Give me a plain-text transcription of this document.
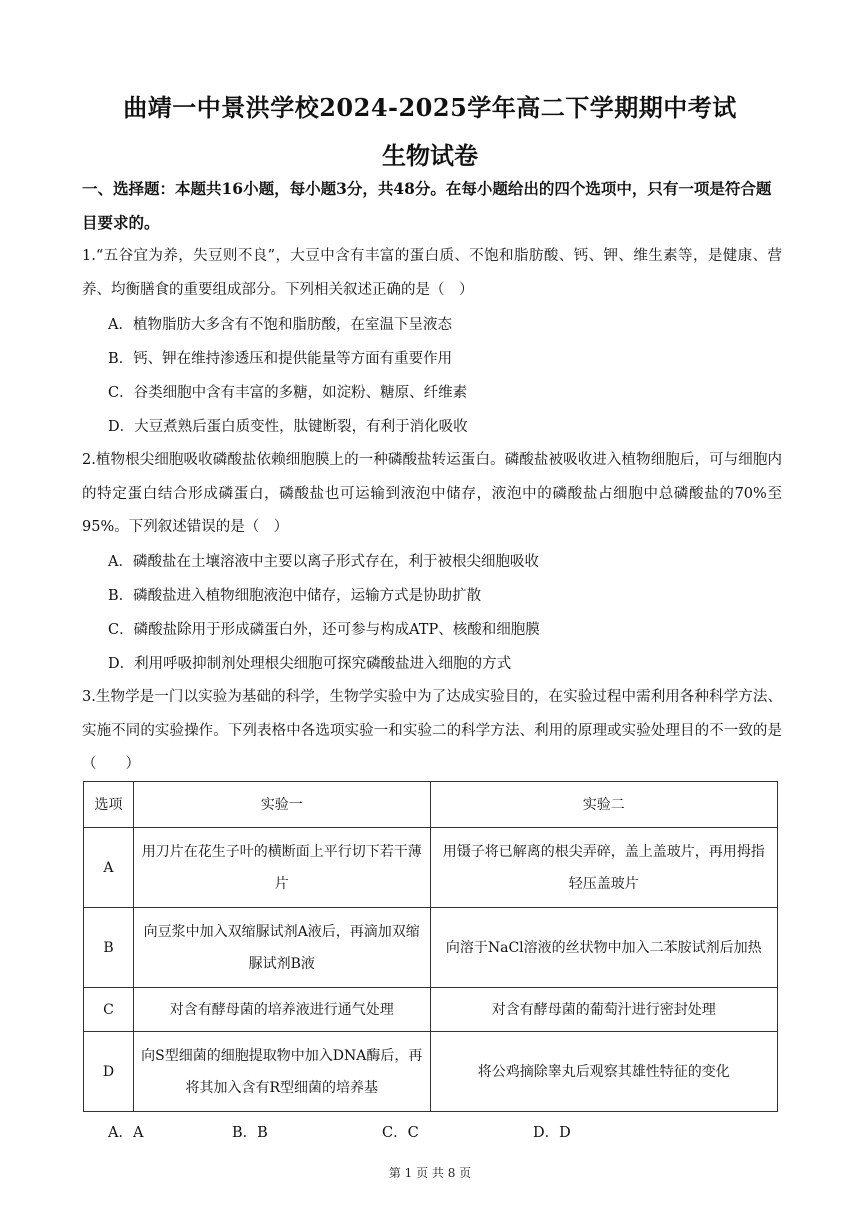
曲靖一中景洪学校2024-2025学年高二下学期期中考试
生物试卷
一、选择题：本题共16小题，每小题3分，共48分。在每小题给出的四个选项中，只有一项是符合题目要求的。
1.“五谷宜为养，失豆则不良”，大豆中含有丰富的蛋白质、不饱和脂肪酸、钙、钾、维生素等，是健康、营养、均衡膳食的重要组成部分。下列相关叙述正确的是（　）
A．植物脂肪大多含有不饱和脂肪酸，在室温下呈液态
B．钙、钾在维持渗透压和提供能量等方面有重要作用
C．谷类细胞中含有丰富的多糖，如淀粉、糖原、纤维素
D．大豆煮熟后蛋白质变性，肽键断裂，有利于消化吸收
2.植物根尖细胞吸收磷酸盐依赖细胞膜上的一种磷酸盐转运蛋白。磷酸盐被吸收进入植物细胞后，可与细胞内的特定蛋白结合形成磷蛋白，磷酸盐也可运输到液泡中储存，液泡中的磷酸盐占细胞中总磷酸盐的70%至95%。下列叙述错误的是（　）
A．磷酸盐在土壤溶液中主要以离子形式存在，利于被根尖细胞吸收
B．磷酸盐进入植物细胞液泡中储存，运输方式是协助扩散
C．磷酸盐除用于形成磷蛋白外，还可参与构成ATP、核酸和细胞膜
D．利用呼吸抑制剂处理根尖细胞可探究磷酸盐进入细胞的方式
3.生物学是一门以实验为基础的科学，生物学实验中为了达成实验目的，在实验过程中需利用各种科学方法、实施不同的实验操作。下列表格中各选项实验一和实验二的科学方法、利用的原理或实验处理目的不一致的是（　　）
选项	实验一	实验二
A	用刀片在花生子叶的横断面上平行切下若干薄片	用镊子将已解离的根尖弄碎，盖上盖玻片，再用拇指轻压盖玻片
B	向豆浆中加入双缩脲试剂A液后，再滴加双缩脲试剂B液	向溶于NaCl溶液的丝状物中加入二苯胺试剂后加热
C	对含有酵母菌的培养液进行通气处理	对含有酵母菌的葡萄汁进行密封处理
D	向S型细菌的细胞提取物中加入DNA酶后，再将其加入含有R型细菌的培养基	将公鸡摘除睾丸后观察其雄性特征的变化
A．A	B．B	C．C	D．D
第 1 页 共 8 页
